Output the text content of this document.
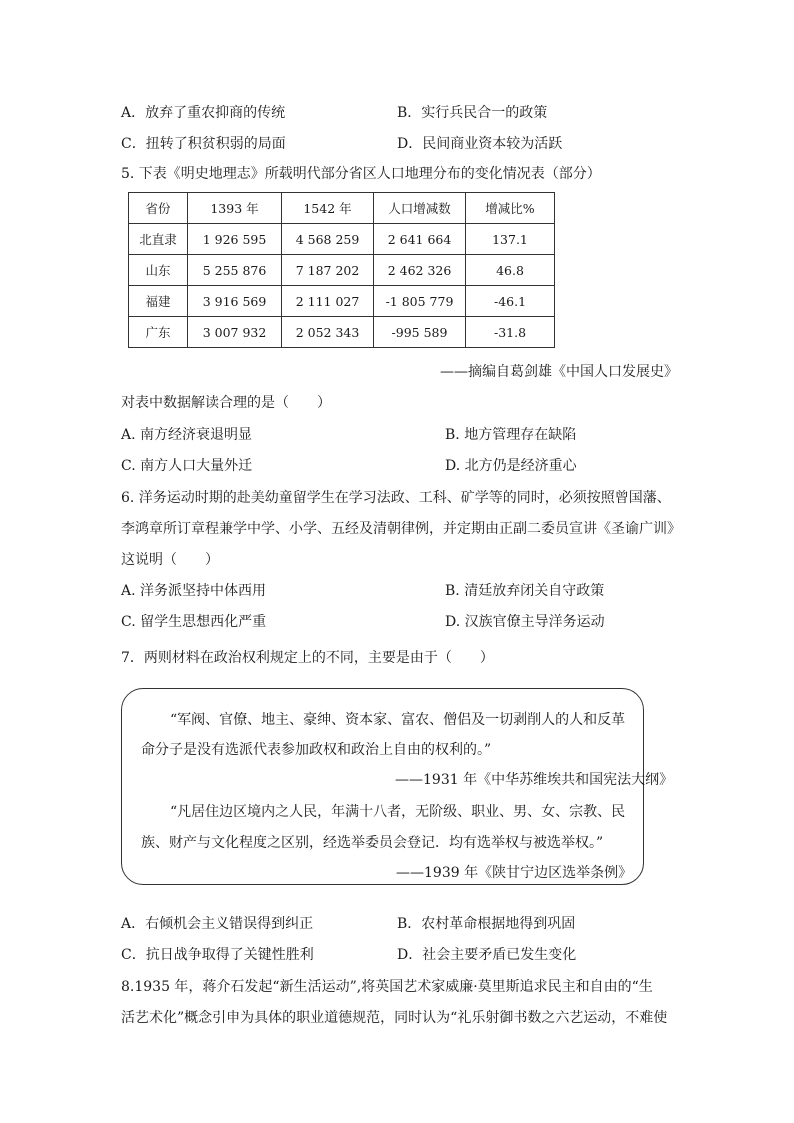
A．放弃了重农抑商的传统	B．实行兵民合一的政策
C．扭转了积贫积弱的局面	D．民间商业资本较为活跃
5. 下表《明史地理志》所载明代部分省区人口地理分布的变化情况表（部分）
省份	1393 年	1542 年	人口增减数	增减比%
北直隶	1 926 595	4 568 259	2 641 664	137.1
山东	5 255 876	7 187 202	2 462 326	46.8
福建	3 916 569	2 111 027	-1 805 779	-46.1
广东	3 007 932	2 052 343	-995 589	-31.8
——摘编自葛剑雄《中国人口发展史》
对表中数据解读合理的是（　　）
A. 南方经济衰退明显	B. 地方管理存在缺陷
C. 南方人口大量外迁	D. 北方仍是经济重心
6. 洋务运动时期的赴美幼童留学生在学习法政、工科、矿学等的同时，必须按照曾国藩、
李鸿章所订章程兼学中学、小学、五经及清朝律例，并定期由正副二委员宣讲《圣谕广训》
这说明（　　）
A. 洋务派坚持中体西用	B. 清廷放弃闭关自守政策
C. 留学生思想西化严重	D. 汉族官僚主导洋务运动
7．两则材料在政治权利规定上的不同，主要是由于（　　）
“军阀、官僚、地主、豪绅、资本家、富农、僧侣及一切剥削人的人和反革
命分子是没有选派代表参加政权和政治上自由的权利的。”
——1931 年《中华苏维埃共和国宪法大纲》
“凡居住边区境内之人民，年满十八者，无阶级、职业、男、女、宗教、民
族、财产与文化程度之区别，经选举委员会登记．均有选举权与被选举权。”
——1939 年《陕甘宁边区选举条例》
A．右倾机会主义错误得到纠正	B．农村革命根据地得到巩固
C．抗日战争取得了关键性胜利	D．社会主要矛盾已发生变化
8.1935 年，蒋介石发起“新生活运动”,将英国艺术家威廉·莫里斯追求民主和自由的“生
活艺术化”概念引申为具体的职业道德规范，同时认为“礼乐射御书数之六艺运动，不难使
